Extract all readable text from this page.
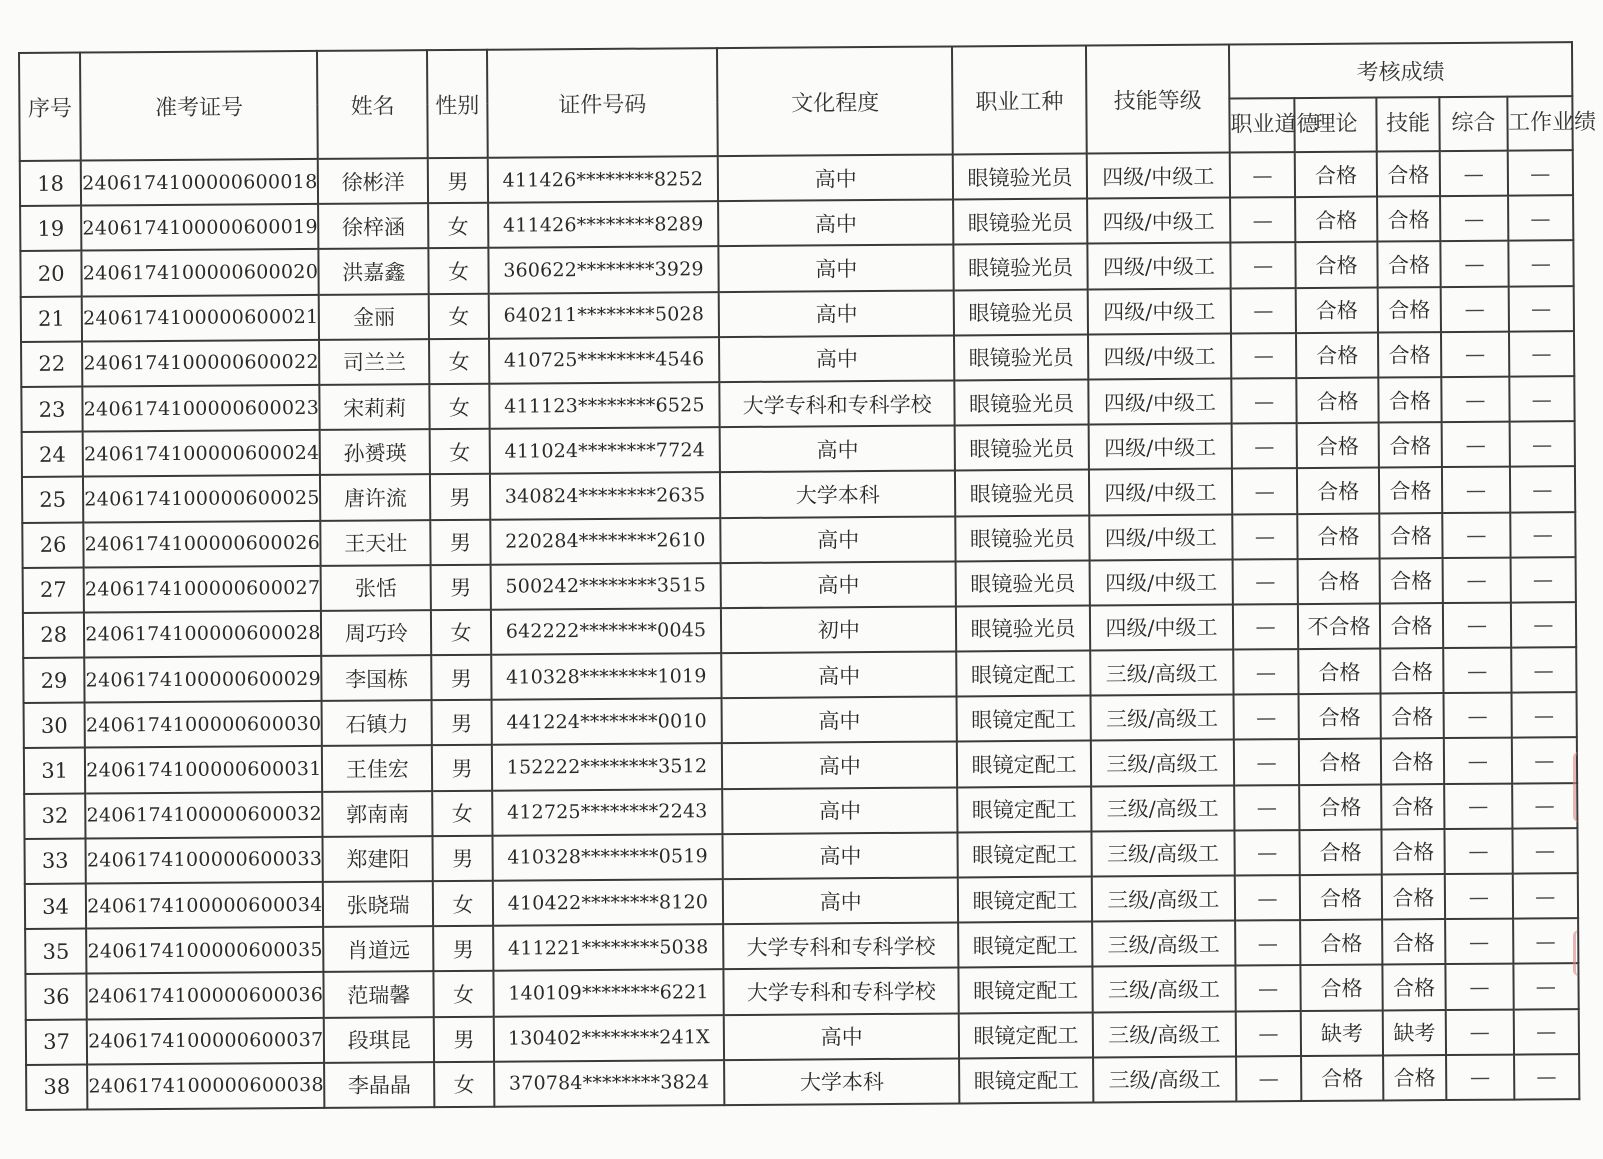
序号	准考证号	姓名	性别	证件号码	文化程度	职业工种	技能等级	考核成绩				
								职业道德	理论	技能	综合	工作业绩
18	2406174100000600018	徐彬洋	男	411426********8252	高中	眼镜验光员	四级/中级工	—	合格	合格	—	—
19	2406174100000600019	徐梓涵	女	411426********8289	高中	眼镜验光员	四级/中级工	—	合格	合格	—	—
20	2406174100000600020	洪嘉鑫	女	360622********3929	高中	眼镜验光员	四级/中级工	—	合格	合格	—	—
21	2406174100000600021	金丽	女	640211********5028	高中	眼镜验光员	四级/中级工	—	合格	合格	—	—
22	2406174100000600022	司兰兰	女	410725********4546	高中	眼镜验光员	四级/中级工	—	合格	合格	—	—
23	2406174100000600023	宋莉莉	女	411123********6525	大学专科和专科学校	眼镜验光员	四级/中级工	—	合格	合格	—	—
24	2406174100000600024	孙赟瑛	女	411024********7724	高中	眼镜验光员	四级/中级工	—	合格	合格	—	—
25	2406174100000600025	唐许流	男	340824********2635	大学本科	眼镜验光员	四级/中级工	—	合格	合格	—	—
26	2406174100000600026	王天壮	男	220284********2610	高中	眼镜验光员	四级/中级工	—	合格	合格	—	—
27	2406174100000600027	张恬	男	500242********3515	高中	眼镜验光员	四级/中级工	—	合格	合格	—	—
28	2406174100000600028	周巧玲	女	642222********0045	初中	眼镜验光员	四级/中级工	—	不合格	合格	—	—
29	2406174100000600029	李国栋	男	410328********1019	高中	眼镜定配工	三级/高级工	—	合格	合格	—	—
30	2406174100000600030	石镇力	男	441224********0010	高中	眼镜定配工	三级/高级工	—	合格	合格	—	—
31	2406174100000600031	王佳宏	男	152222********3512	高中	眼镜定配工	三级/高级工	—	合格	合格	—	—
32	2406174100000600032	郭南南	女	412725********2243	高中	眼镜定配工	三级/高级工	—	合格	合格	—	—
33	2406174100000600033	郑建阳	男	410328********0519	高中	眼镜定配工	三级/高级工	—	合格	合格	—	—
34	2406174100000600034	张晓瑞	女	410422********8120	高中	眼镜定配工	三级/高级工	—	合格	合格	—	—
35	2406174100000600035	肖道远	男	411221********5038	大学专科和专科学校	眼镜定配工	三级/高级工	—	合格	合格	—	—
36	2406174100000600036	范瑞馨	女	140109********6221	大学专科和专科学校	眼镜定配工	三级/高级工	—	合格	合格	—	—
37	2406174100000600037	段琪昆	男	130402********241X	高中	眼镜定配工	三级/高级工	—	缺考	缺考	—	—
38	2406174100000600038	李晶晶	女	370784********3824	大学本科	眼镜定配工	三级/高级工	—	合格	合格	—	—
